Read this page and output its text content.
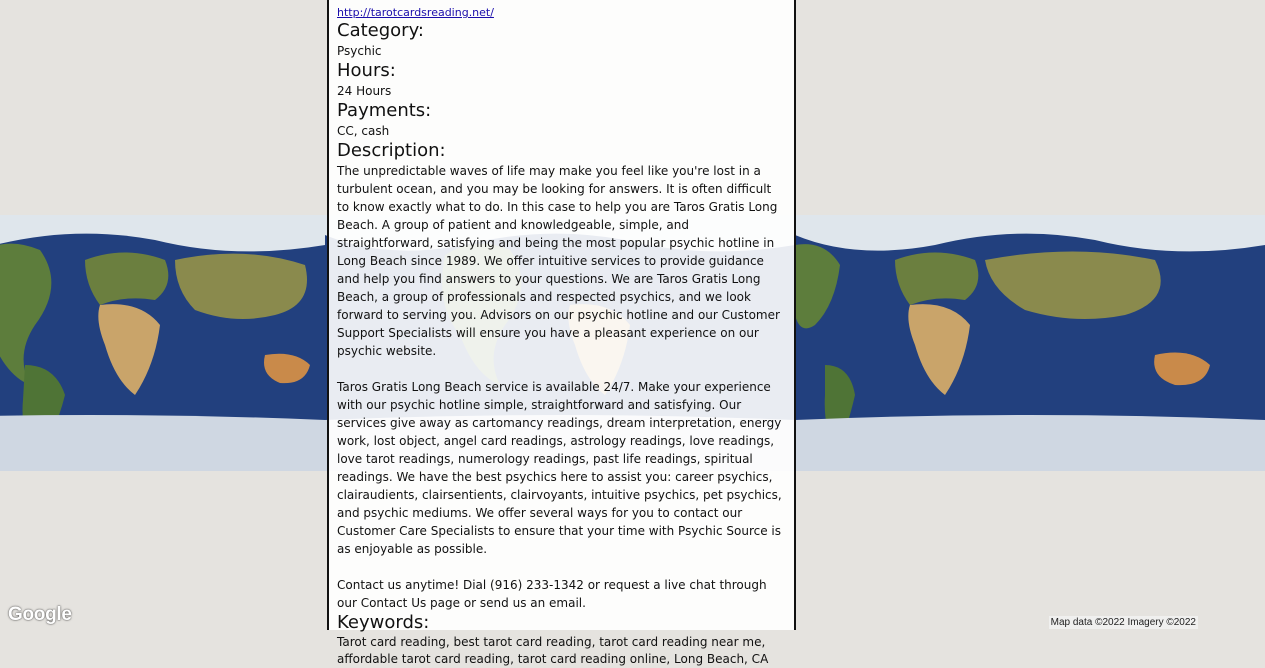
Google	Map data ©2022 Imagery ©2022
http://tarotcardsreading.net/
Category:
Psychic
Hours:
24 Hours
Payments:
CC, cash
Description:

The unpredictable waves of life may make you feel like you're lost in a turbulent ocean, and you may be looking for answers. It is often difficult to know exactly what to do. In this case to help you are Taros Gratis Long Beach. A group of patient and knowledgeable, simple, and straightforward, satisfying and being the most popular psychic hotline in Long Beach since 1989. We offer intuitive services to provide guidance and help you find answers to your questions. We are Taros Gratis Long Beach, a group of professionals and respected psychics, and we look forward to serving you. Advisors on our psychic hotline and our Customer Support Specialists will ensure you have a pleasant experience on our psychic website.

Taros Gratis Long Beach service is available 24/7. Make your experience with our psychic hotline simple, straightforward and satisfying. Our services give away as cartomancy readings, dream interpretation, energy work, lost object, angel card readings, astrology readings, love readings, love tarot readings, numerology readings, past life readings, spiritual readings. We have the best psychics here to assist you: career psychics, clairaudients, clairsentients, clairvoyants, intuitive psychics, pet psychics, and psychic mediums. We offer several ways for you to contact our Customer Care Specialists to ensure that your time with Psychic Source is as enjoyable as possible.

Contact us anytime! Dial (916) 233-1342 or request a live chat through our Contact Us page or send us an email.

Keywords:
Tarot card reading, best tarot card reading, tarot card reading near me, affordable tarot card reading, tarot card reading online, Long Beach, CA
